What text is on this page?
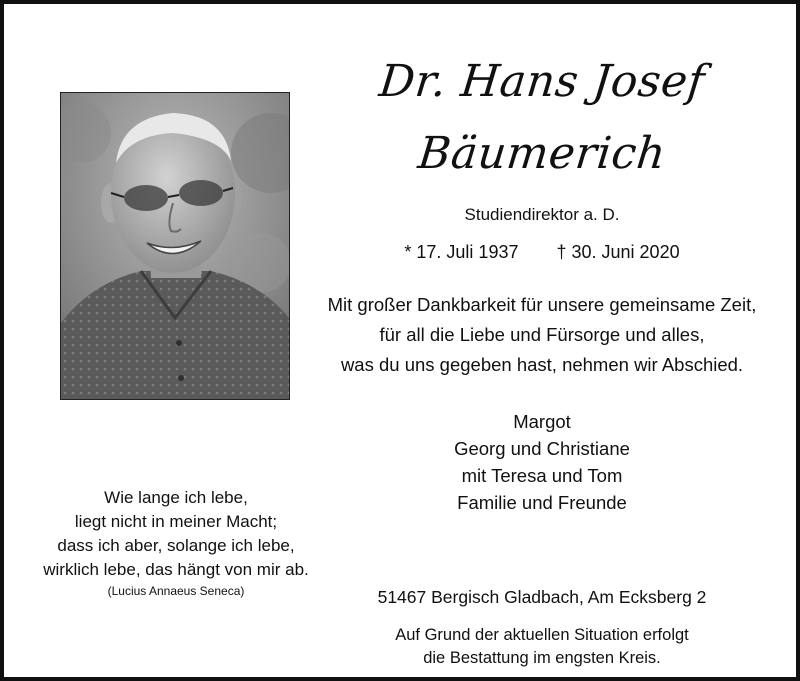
Dr. Hans Josef
Bäumerich
Studiendirektor a. D.
* 17. Juli 1937 † 30. Juni 2020
Mit großer Dankbarkeit für unsere gemeinsame Zeit,
für all die Liebe und Fürsorge und alles,
was du uns gegeben hast, nehmen wir Abschied.
Margot
Georg und Christiane
mit Teresa und Tom
Familie und Freunde
Wie lange ich lebe,
liegt nicht in meiner Macht;
dass ich aber, solange ich lebe,
wirklich lebe, das hängt von mir ab.
(Lucius Annaeus Seneca)	51467 Bergisch Gladbach, Am Ecksberg 2
Auf Grund der aktuellen Situation erfolgt
die Bestattung im engsten Kreis.
